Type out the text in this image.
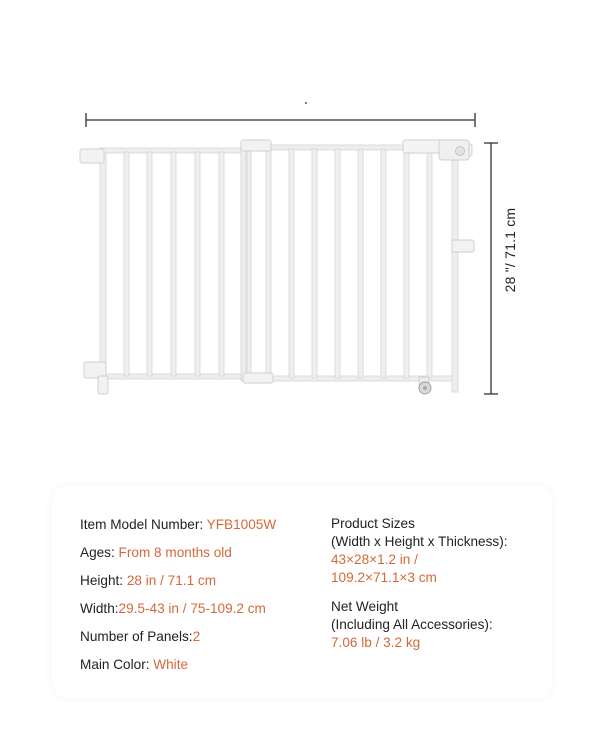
28 "/ 71.1 cm
Item Model Number: YFB1005W
Ages: From 8 months old
Height: 28 in / 71.1 cm
Width:29.5-43 in / 75-109.2 cm
Number of Panels:2
Main Color: White
Product Sizes
(Width x Height x Thickness):
43×28×1.2 in /
109.2×71.1×3 cm
Net Weight
(Including All Accessories):
7.06 lb / 3.2 kg
